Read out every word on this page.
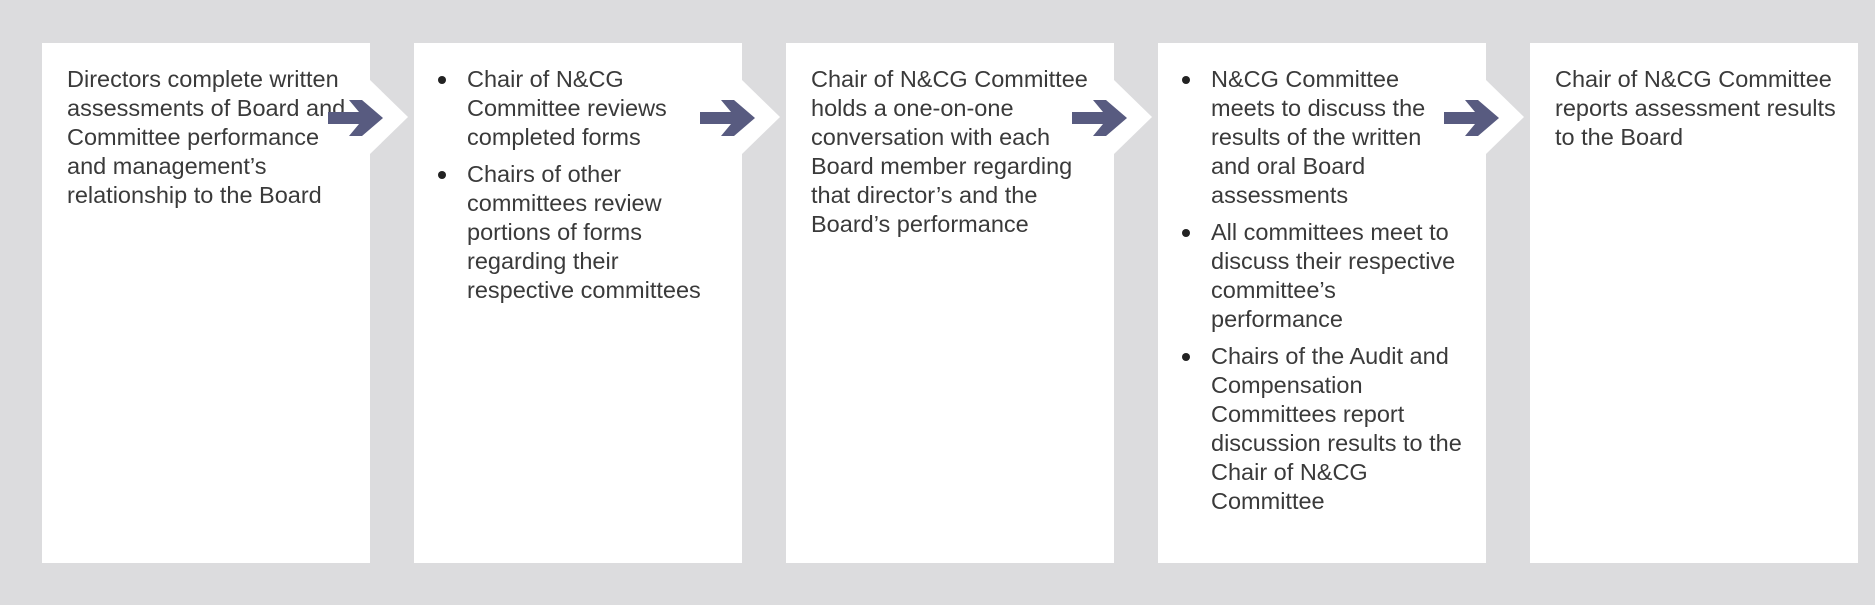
Directors complete written assessments of Board and Committee performance and management’s relationship to the Board

Chair of N&CG Committee reviews completed forms
Chairs of other committees review portions of forms regarding their respective committees

Chair of N&CG Committee holds a one-on-one conversation with each Board member regarding that director’s and the Board’s performance

N&CG Committee meets to discuss the results of the written and oral Board assessments
All committees meet to discuss their respective committee’s performance
Chairs of the Audit and Compensation Committees report discussion results to the Chair of N&CG Committee

Chair of N&CG Committee reports assessment results to the Board
